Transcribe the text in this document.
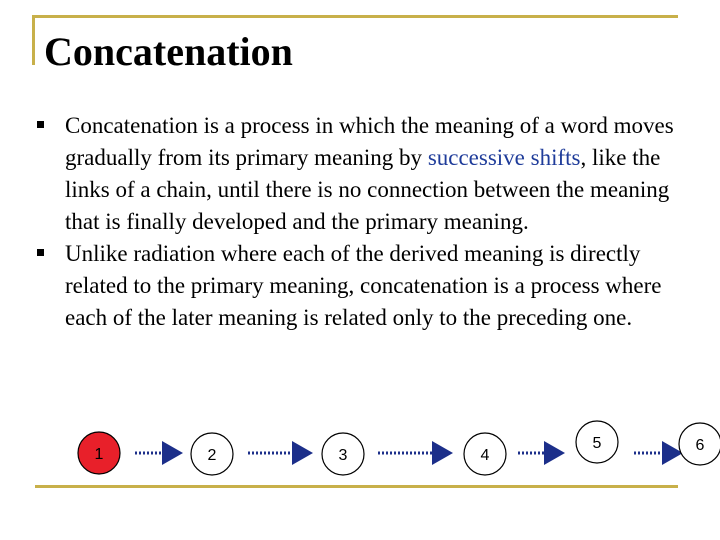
Concatenation
Concatenation is a process in which the meaning of a word moves gradually from its primary meaning by successive shifts, like the links of a chain, until there is no connection between the meaning that is finally developed and the primary meaning.
Unlike radiation where each of the derived meaning is directly related to the primary meaning, concatenation is a process where each of the later meaning is related only to the preceding one.
1	2	3	4
5	6
